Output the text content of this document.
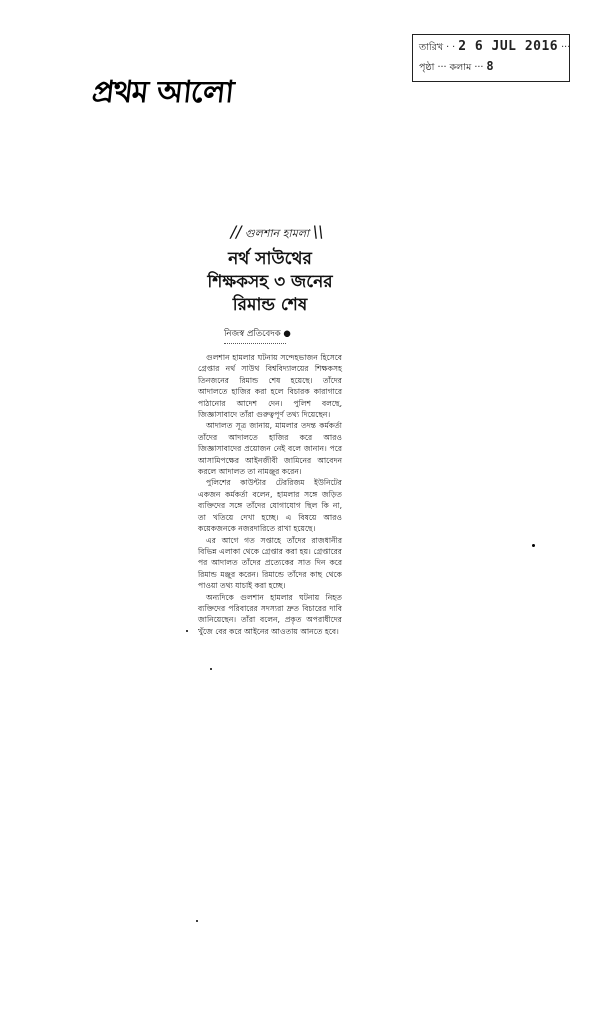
প্রথম আলো
তারিখ · · 2 6 JUL 2016 ···
পৃষ্ঠা ··· কলাম ··· 8
// গুলশান হামলা \\
নর্থ সাউথের
শিক্ষকসহ ৩ জনের
রিমান্ড শেষ
নিজস্ব প্রতিবেদক ●

গুলশান হামলার ঘটনায় সন্দেহভাজন হিসেবে গ্রেপ্তার নর্থ সাউথ বিশ্ববিদ্যালয়ের শিক্ষকসহ তিনজনের রিমান্ড শেষ হয়েছে। তাঁদের আদালতে হাজির করা হলে বিচারক কারাগারে পাঠানোর আদেশ দেন। পুলিশ বলছে, জিজ্ঞাসাবাদে তাঁরা গুরুত্বপূর্ণ তথ্য দিয়েছেন।

আদালত সূত্র জানায়, মামলার তদন্ত কর্মকর্তা তাঁদের আদালতে হাজির করে আরও জিজ্ঞাসাবাদের প্রয়োজন নেই বলে জানান। পরে আসামিপক্ষের আইনজীবী জামিনের আবেদন করলে আদালত তা নামঞ্জুর করেন।

পুলিশের কাউন্টার টেররিজম ইউনিটের একজন কর্মকর্তা বলেন, হামলার সঙ্গে জড়িত ব্যক্তিদের সঙ্গে তাঁদের যোগাযোগ ছিল কি না, তা খতিয়ে দেখা হচ্ছে। এ বিষয়ে আরও কয়েকজনকে নজরদারিতে রাখা হয়েছে।

এর আগে গত সপ্তাহে তাঁদের রাজধানীর বিভিন্ন এলাকা থেকে গ্রেপ্তার করা হয়। গ্রেপ্তারের পর আদালত তাঁদের প্রত্যেকের সাত দিন করে রিমান্ড মঞ্জুর করেন। রিমান্ডে তাঁদের কাছ থেকে পাওয়া তথ্য যাচাই করা হচ্ছে।

অন্যদিকে গুলশান হামলার ঘটনায় নিহত ব্যক্তিদের পরিবারের সদস্যরা দ্রুত বিচারের দাবি জানিয়েছেন। তাঁরা বলেন, প্রকৃত অপরাধীদের খুঁজে বের করে আইনের আওতায় আনতে হবে।
